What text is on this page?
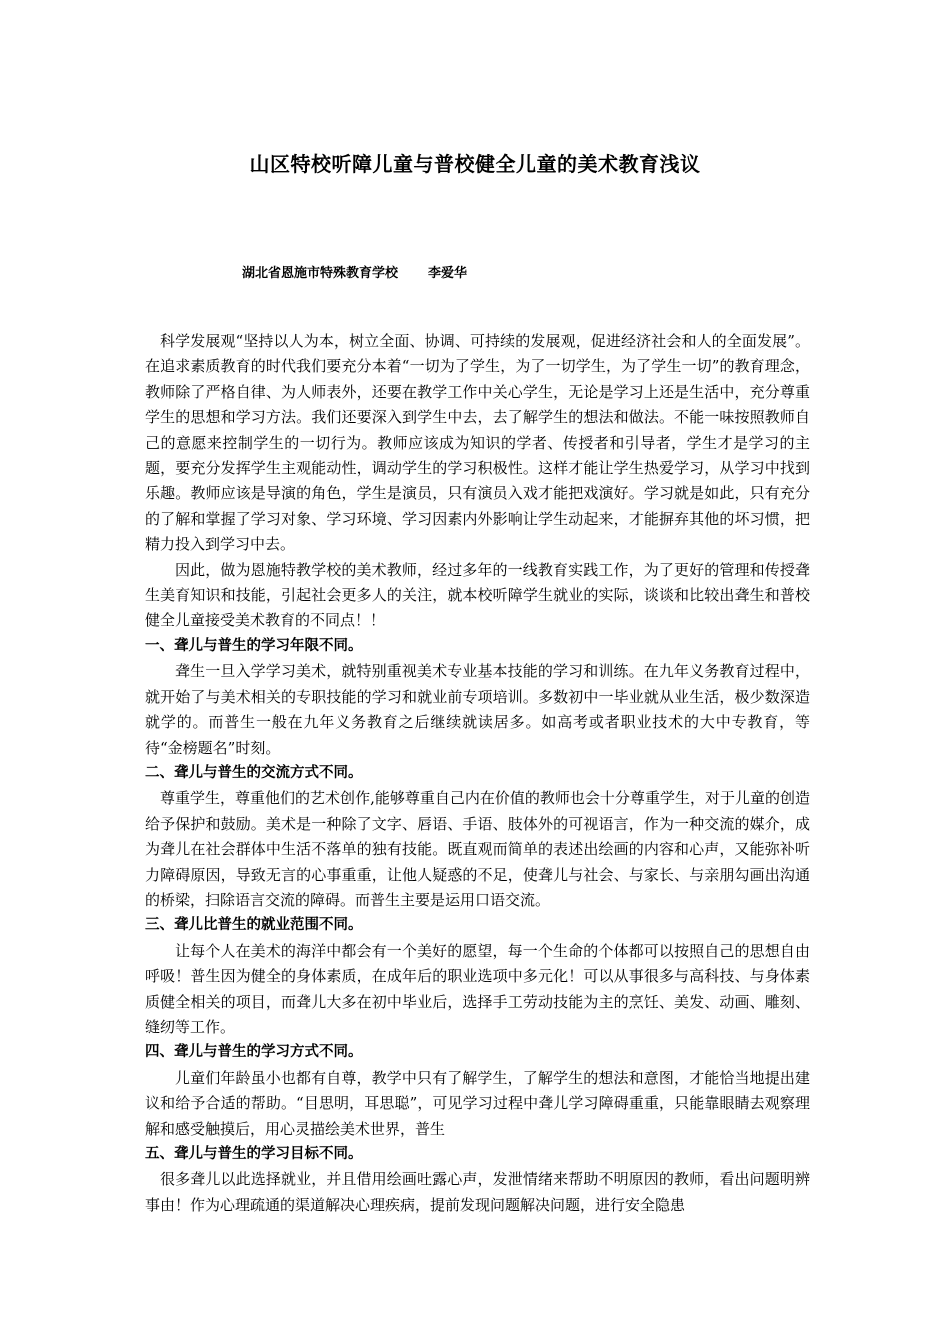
山区特校听障儿童与普校健全儿童的美术教育浅议
湖北省恩施市特殊教育学校 李爱华

科学发展观“坚持以人为本，树立全面、协调、可持续的发展观，促进经济社会和人的全面发展”。在追求素质教育的时代我们要充分本着“一切为了学生，为了一切学生，为了学生一切”的教育理念，教师除了严格自律、为人师表外，还要在教学工作中关心学生，无论是学习上还是生活中，充分尊重学生的思想和学习方法。我们还要深入到学生中去，去了解学生的想法和做法。不能一味按照教师自己的意愿来控制学生的一切行为。教师应该成为知识的学者、传授者和引导者，学生才是学习的主题，要充分发挥学生主观能动性，调动学生的学习积极性。这样才能让学生热爱学习，从学习中找到乐趣。教师应该是导演的角色，学生是演员，只有演员入戏才能把戏演好。学习就是如此，只有充分的了解和掌握了学习对象、学习环境、学习因素内外影响让学生动起来，才能摒弃其他的坏习惯，把精力投入到学习中去。

因此，做为恩施特教学校的美术教师，经过多年的一线教育实践工作，为了更好的管理和传授聋生美育知识和技能，引起社会更多人的关注，就本校听障学生就业的实际，谈谈和比较出聋生和普校健全儿童接受美术教育的不同点！！

一、聋儿与普生的学习年限不同。

聋生一旦入学学习美术，就特别重视美术专业基本技能的学习和训练。在九年义务教育过程中，就开始了与美术相关的专职技能的学习和就业前专项培训。多数初中一毕业就从业生活，极少数深造就学的。而普生一般在九年义务教育之后继续就读居多。如高考或者职业技术的大中专教育，等待“金榜题名”时刻。

二、聋儿与普生的交流方式不同。

尊重学生，尊重他们的艺术创作,能够尊重自己内在价值的教师也会十分尊重学生，对于儿童的创造给予保护和鼓励。美术是一种除了文字、唇语、手语、肢体外的可视语言，作为一种交流的媒介，成为聋儿在社会群体中生活不落单的独有技能。既直观而简单的表述出绘画的内容和心声，又能弥补听力障碍原因，导致无言的心事重重，让他人疑惑的不足，使聋儿与社会、与家长、与亲朋勾画出沟通的桥梁，扫除语言交流的障碍。而普生主要是运用口语交流。

三、聋儿比普生的就业范围不同。

让每个人在美术的海洋中都会有一个美好的愿望，每一个生命的个体都可以按照自己的思想自由呼吸！普生因为健全的身体素质，在成年后的职业选项中多元化！可以从事很多与高科技、与身体素质健全相关的项目，而聋儿大多在初中毕业后，选择手工劳动技能为主的烹饪、美发、动画、雕刻、缝纫等工作。

四、聋儿与普生的学习方式不同。

儿童们年龄虽小也都有自尊，教学中只有了解学生，了解学生的想法和意图，才能恰当地提出建议和给予合适的帮助。“目思明，耳思聪”，可见学习过程中聋儿学习障碍重重，只能靠眼睛去观察理解和感受触摸后，用心灵描绘美术世界，普生

五、聋儿与普生的学习目标不同。

很多聋儿以此选择就业，并且借用绘画吐露心声，发泄情绪来帮助不明原因的教师，看出问题明辨事由！作为心理疏通的渠道解决心理疾病，提前发现问题解决问题，进行安全隐患
